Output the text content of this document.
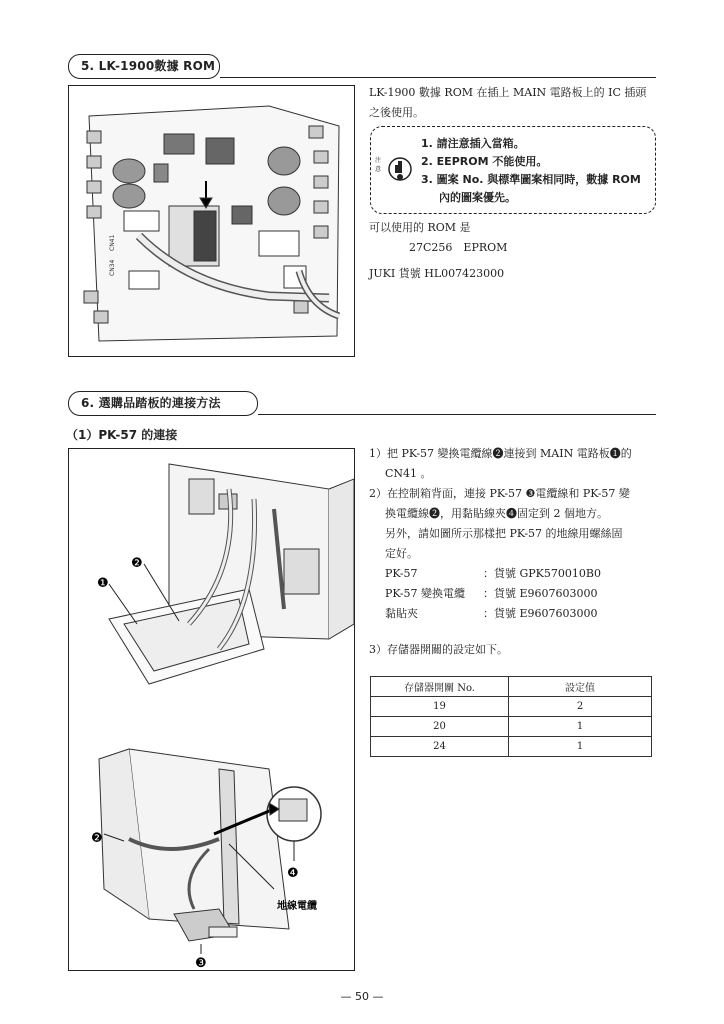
5. LK-1900數據 ROM
CN41
CN34
LK-1900 數據 ROM 在插上 MAIN 電路板上的 IC 插頭
之後使用。
注意
1. 請注意插入當箱。
2. EEPROM 不能使用。
3. 圖案 No. 與標準圖案相同時，數據 ROM
內的圖案優先。
可以使用的 ROM 是
27C256　EPROM
JUKI 貨號 HL007423000
6. 選購品踏板的連接方法
（1）PK-57 的連接
❷
❶
❷
❹
❸
地線電纜
1）把 PK-57 變換電纜線❷連接到 MAIN 電路板❶的
CN41 。
2）在控制箱背面，連接 PK-57 ❸電纜線和 PK-57 變
換電纜線❷，用黏貼線夾❹固定到 2 個地方。
另外，請如圖所示那樣把 PK-57 的地線用螺絲固
定好。
PK-57	：貨號 GPK570010B0
PK-57 變換電纜	：貨號 E9607603000
黏貼夾	：貨號 E9607603000
3）存儲器開關的設定如下。
存儲器開關 No.	設定值
19	2
20	1
24	1
— 50 —
